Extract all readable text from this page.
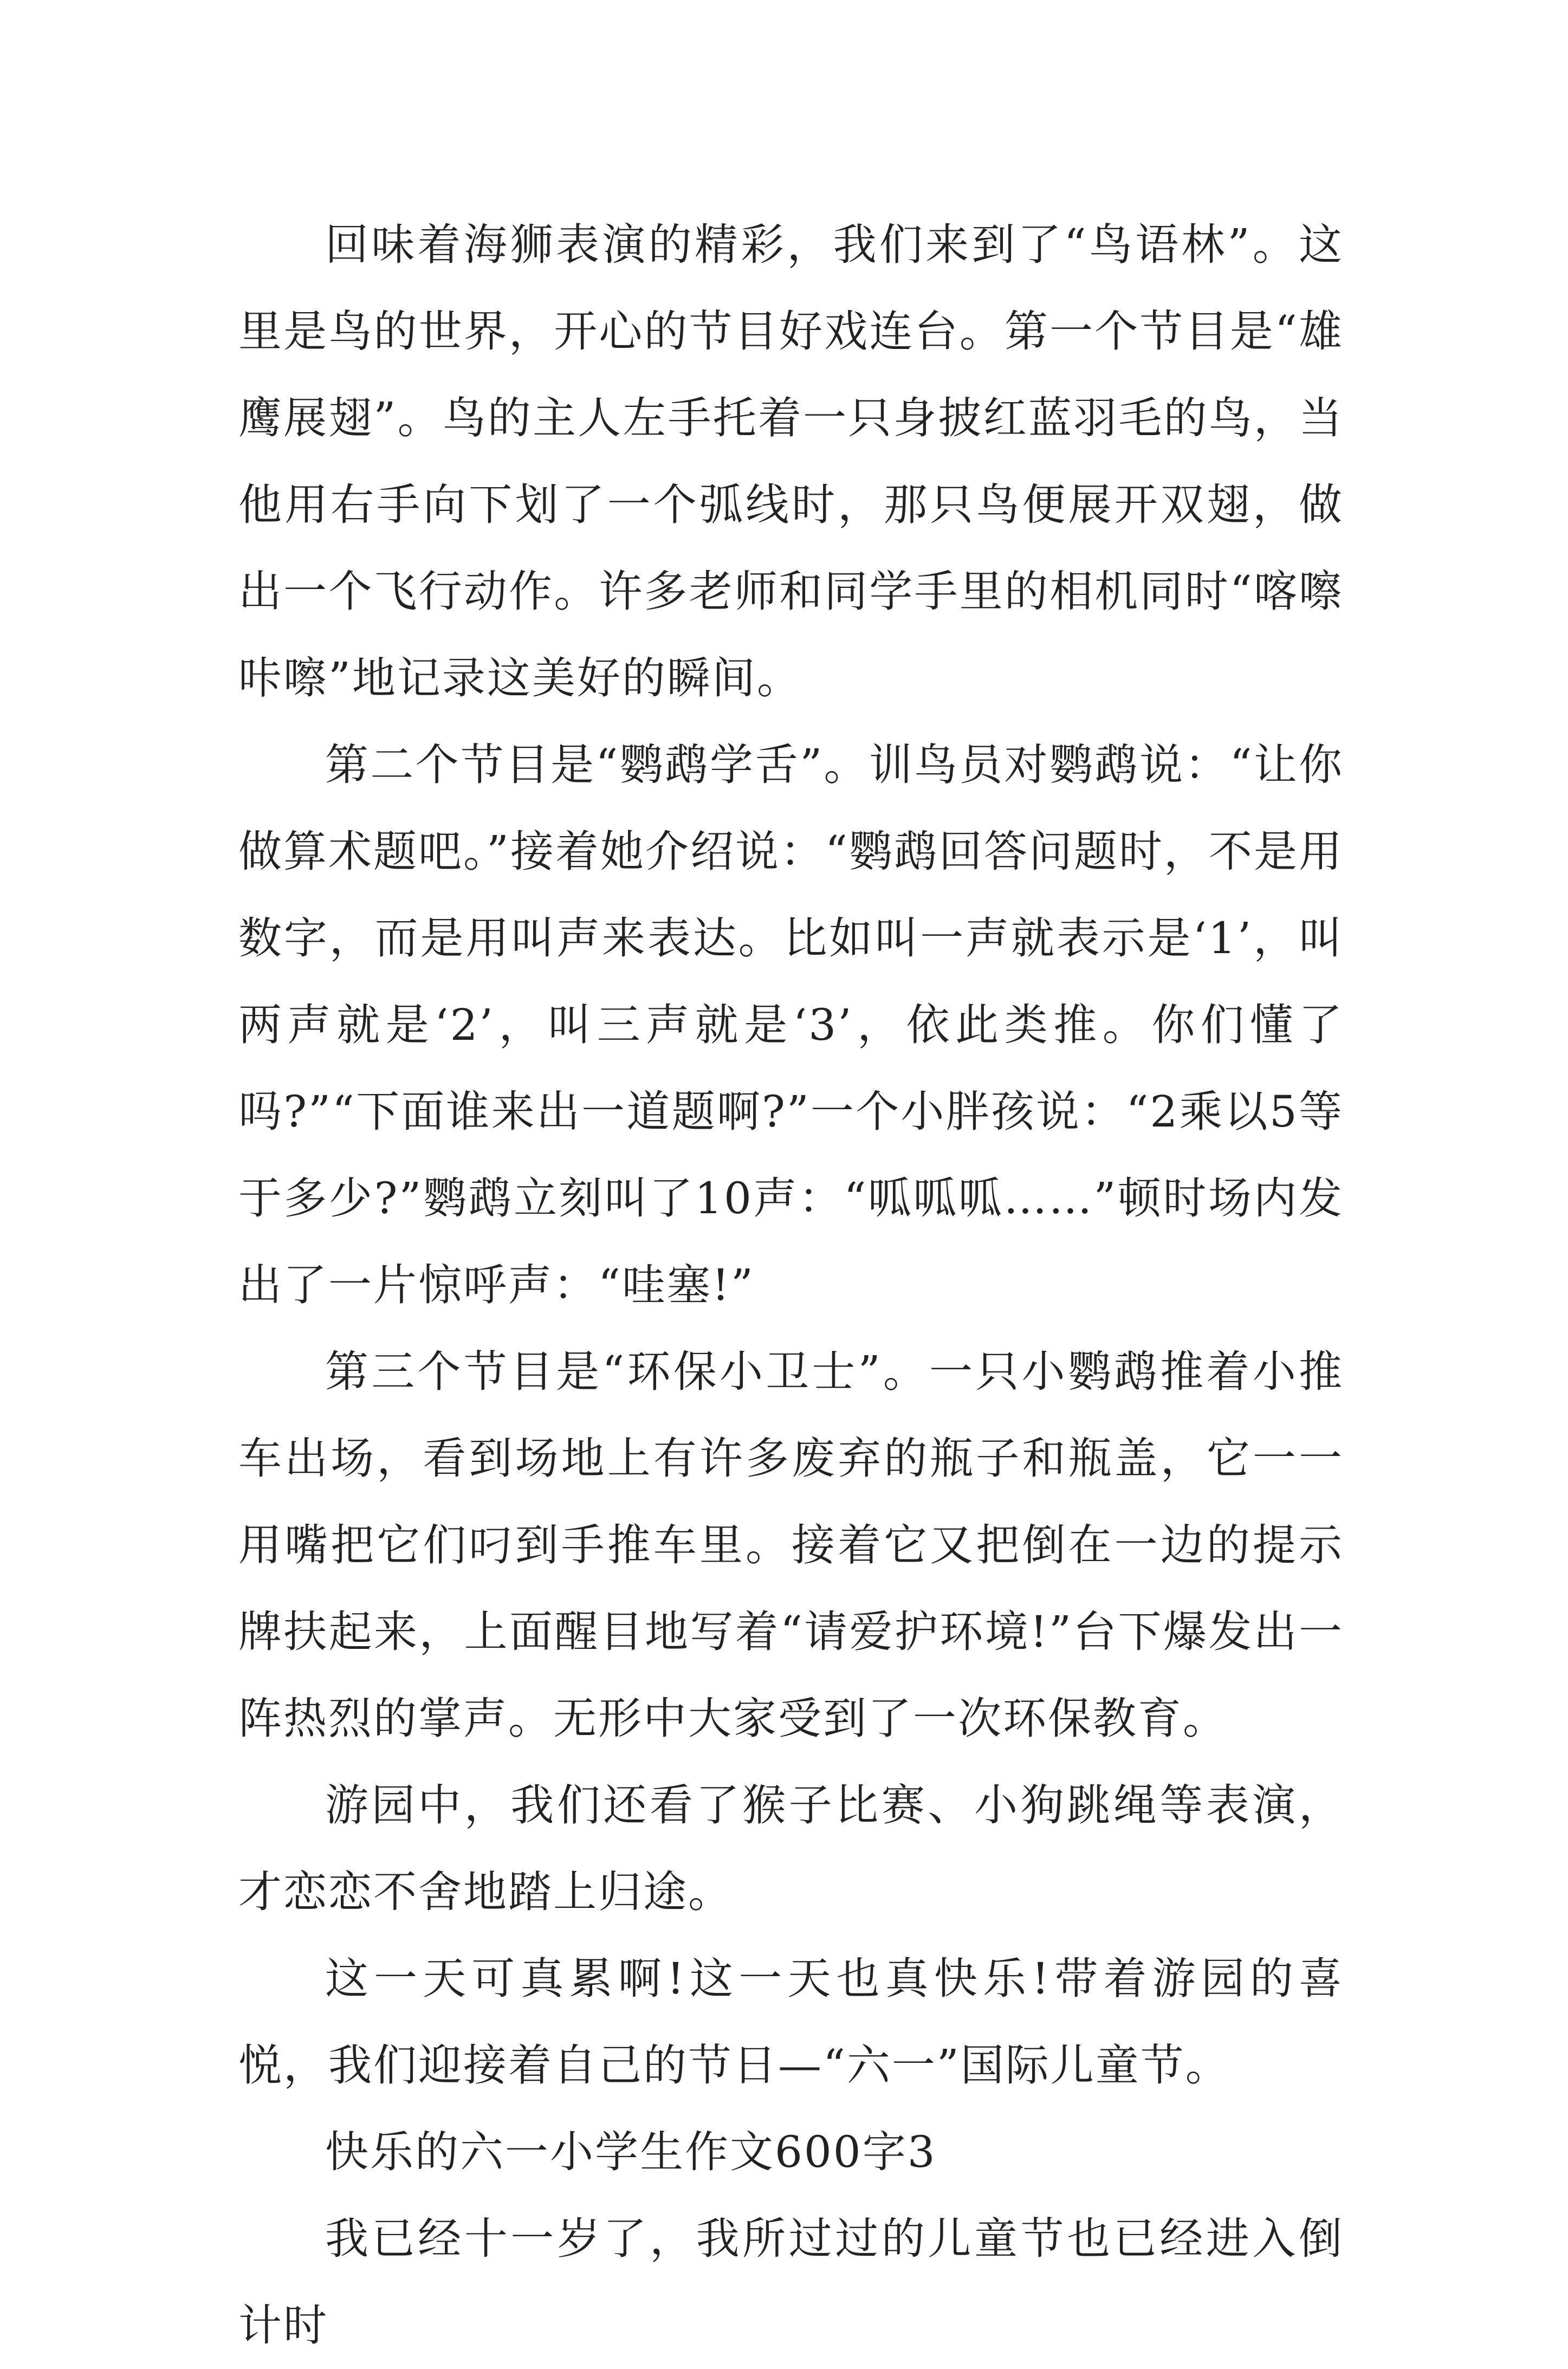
回味着海狮表演的精彩，我们来到了“鸟语林”。这里是鸟的世界，开心的节目好戏连台。第一个节目是“雄鹰展翅”。鸟的主人左手托着一只身披红蓝羽毛的鸟，当他用右手向下划了一个弧线时，那只鸟便展开双翅，做出一个飞行动作。许多老师和同学手里的相机同时“喀嚓咔嚓”地记录这美好的瞬间。

第二个节目是“鹦鹉学舌”。训鸟员对鹦鹉说：“让你做算术题吧。”接着她介绍说：“鹦鹉回答问题时，不是用数字，而是用叫声来表达。比如叫一声就表示是‘1’，叫两声就是‘2’，叫三声就是‘3’，依此类推。你们懂了吗?”“下面谁来出一道题啊?”一个小胖孩说：“2乘以5等于多少?”鹦鹉立刻叫了10声：“呱呱呱……”顿时场内发出了一片惊呼声：“哇塞!”

第三个节目是“环保小卫士”。一只小鹦鹉推着小推车出场，看到场地上有许多废弃的瓶子和瓶盖，它一一用嘴把它们叼到手推车里。接着它又把倒在一边的提示牌扶起来，上面醒目地写着“请爱护环境!”台下爆发出一阵热烈的掌声。无形中大家受到了一次环保教育。

游园中，我们还看了猴子比赛、小狗跳绳等表演，才恋恋不舍地踏上归途。

这一天可真累啊!这一天也真快乐!带着游园的喜悦，我们迎接着自己的节日—“六一”国际儿童节。

快乐的六一小学生作文600字3

我已经十一岁了，我所过过的儿童节也已经进入倒计时
